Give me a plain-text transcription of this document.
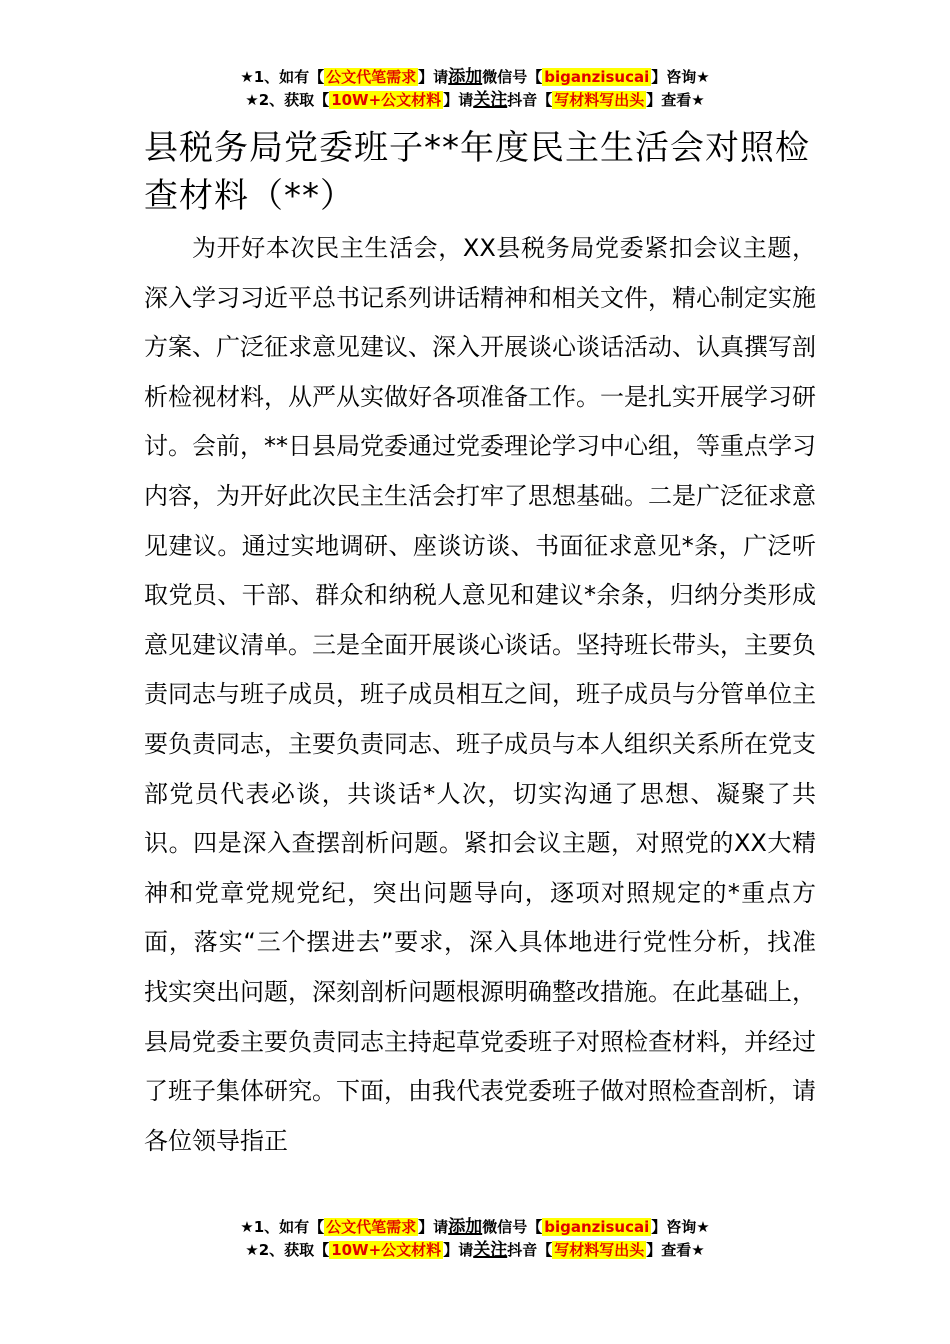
★1、如有【 公文代笔需求 】请添加微信号【 biganzisucai 】咨询★
★2、获取【 10W+公文材料 】请关注抖音【 写材料写出头 】查看★
县税务局党委班子**年度民主生活会对照检查材料（**）

为开好本次民主生活会，XX县税务局党委紧扣会议主题，深入学习习近平总书记系列讲话精神和相关文件，精心制定实施方案、广泛征求意见建议、深入开展谈心谈话活动、认真撰写剖析检视材料，从严从实做好各项准备工作。一是扎实开展学习研讨。会前，**日县局党委通过党委理论学习中心组，等重点学习内容，为开好此次民主生活会打牢了思想基础。二是广泛征求意见建议。通过实地调研、座谈访谈、书面征求意见*条，广泛听取党员、干部、群众和纳税人意见和建议*余条，归纳分类形成意见建议清单。三是全面开展谈心谈话。坚持班长带头，主要负责同志与班子成员，班子成员相互之间，班子成员与分管单位主要负责同志，主要负责同志、班子成员与本人组织关系所在党支部党员代表必谈，共谈话*人次，切实沟通了思想、凝聚了共识。四是深入查摆剖析问题。紧扣会议主题，对照党的XX大精神和党章党规党纪，突出问题导向，逐项对照规定的*重点方面，落实“三个摆进去”要求，深入具体地进行党性分析，找准找实突出问题，深刻剖析问题根源明确整改措施。在此基础上，县局党委主要负责同志主持起草党委班子对照检查材料，并经过了班子集体研究。下面，由我代表党委班子做对照检查剖析，请各位领导指正

★1、如有【 公文代笔需求 】请添加微信号【 biganzisucai 】咨询★
★2、获取【 10W+公文材料 】请关注抖音【 写材料写出头 】查看★
